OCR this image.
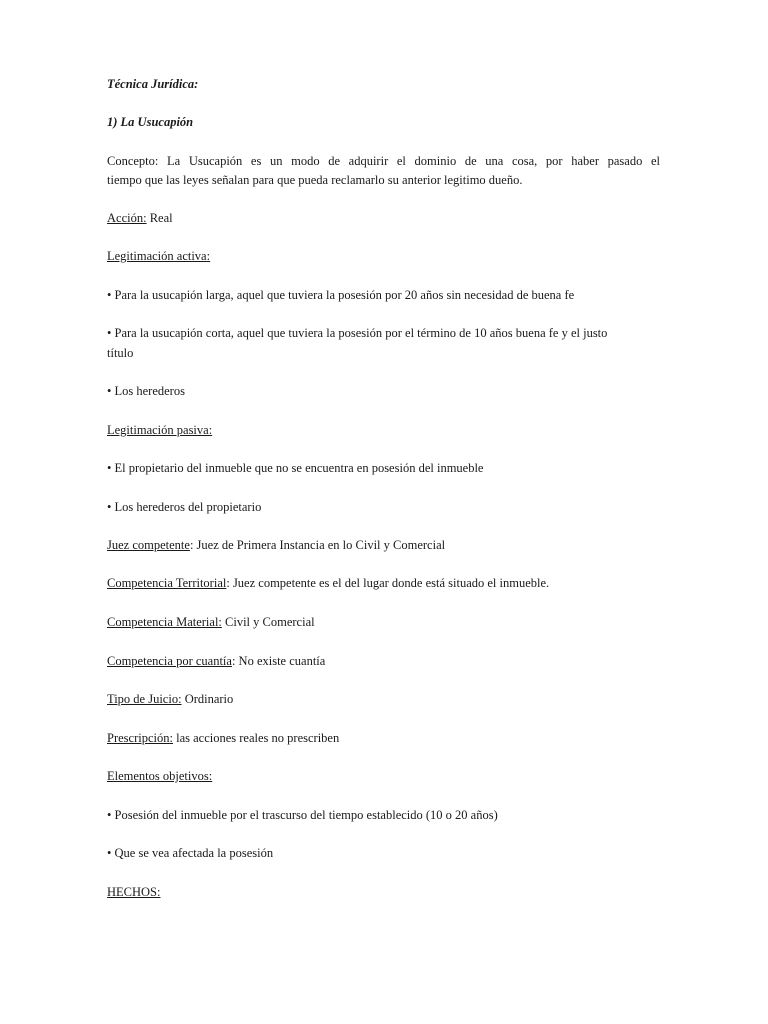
Técnica Jurídica:
1) La Usucapión
Concepto: La Usucapión es un modo de adquirir el dominio de una cosa, por haber pasado el
tiempo que las leyes señalan para que pueda reclamarlo su anterior legitimo dueño.
Acción: Real
Legitimación activa:
• Para la usucapión larga, aquel que tuviera la posesión por 20 años sin necesidad de buena fe
• Para la usucapión corta, aquel que tuviera la posesión por el término de 10 años buena fe y el justo
título
• Los herederos
Legitimación pasiva:
• El propietario del inmueble que no se encuentra en posesión del inmueble
• Los herederos del propietario
Juez competente: Juez de Primera Instancia en lo Civil y Comercial
Competencia Territorial: Juez competente es el del lugar donde está situado el inmueble.
Competencia Material: Civil y Comercial
Competencia por cuantía: No existe cuantía
Tipo de Juicio: Ordinario
Prescripción: las acciones reales no prescriben
Elementos objetivos:
• Posesión del inmueble por el trascurso del tiempo establecido (10 o 20 años)
• Que se vea afectada la posesión
HECHOS:
